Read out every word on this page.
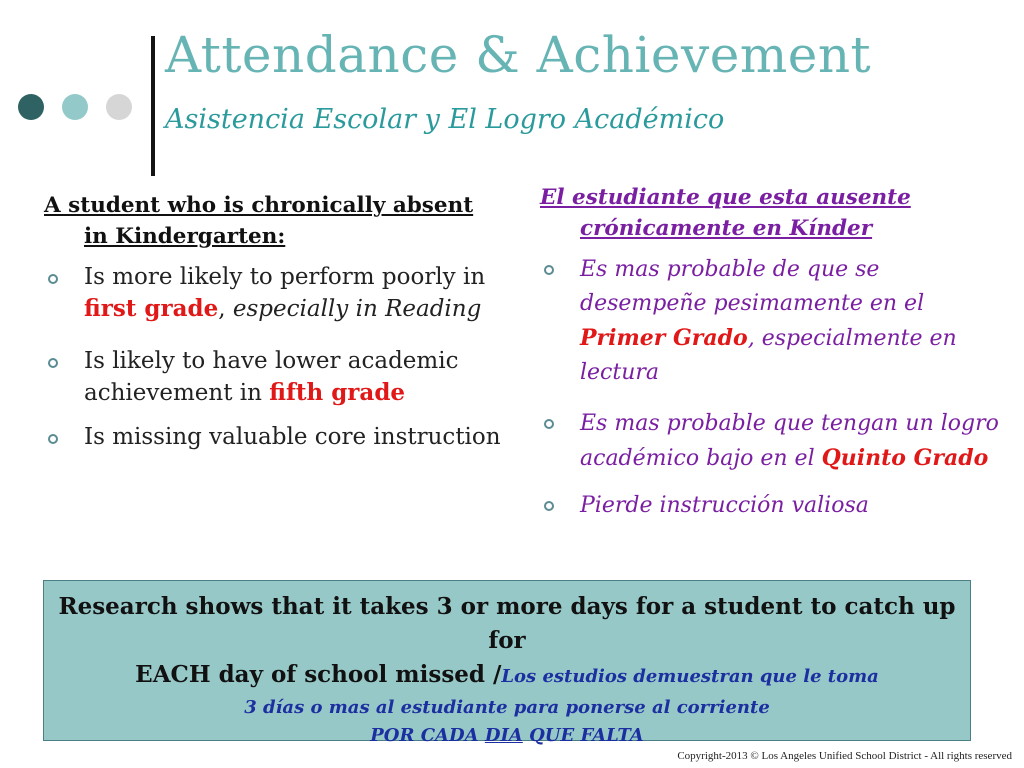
Attendance & Achievement
Asistencia Escolar y El Logro Académico
A student who is chronically absent in Kindergarten:
Is more likely to perform poorly in first grade, especially in Reading
Is likely to have lower academic achievement in fifth grade
Is missing valuable core instruction
El estudiante que esta ausente crónicamente en Kínder
Es mas probable de que se desempeñe pesimamente en el Primer Grado, especialmente en lectura
Es mas probable que tengan un logro académico bajo en el Quinto Grado
Pierde instrucción valiosa
Research shows that it takes 3 or more days for a student to catch up for
EACH day of school missed /Los estudios demuestran que le toma
3 días o mas al estudiante para ponerse al corriente
POR CADA DIA QUE FALTA
Copyright-2013 © Los Angeles Unified School District - All rights reserved
